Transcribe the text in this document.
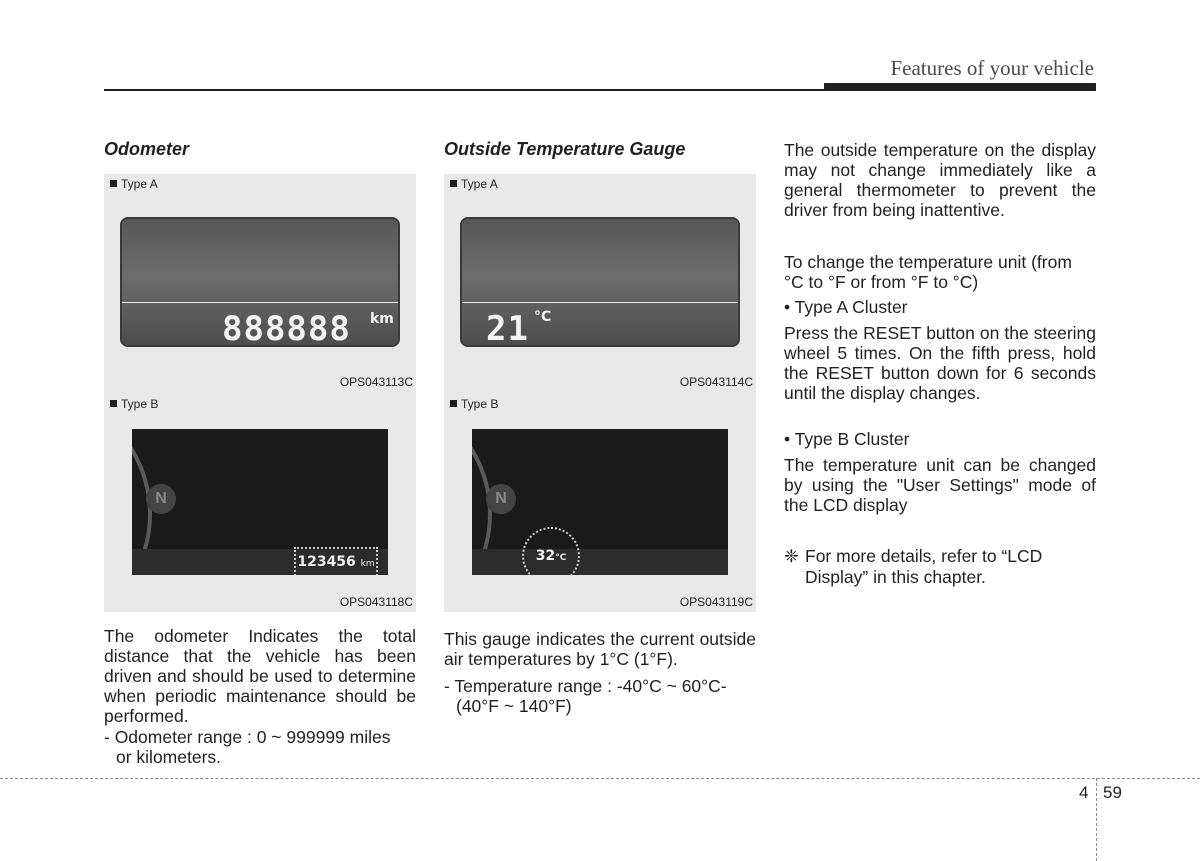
Features of your vehicle
Odometer
Type A
888888 km
OPS043113C
Type B
N
123456 km
OPS043118C

The odometer Indicates the total distance that the vehicle has been driven and should be used to determine when periodic maintenance should be performed.

- Odometer range : 0 ~ 999999 miles

or kilometers.

Outside Temperature Gauge
Type A
21 °C
OPS043114C
Type B
N
32°C
OPS043119C

This gauge indicates the current outside air temperatures by 1°C (1°F).

- Temperature range : -40°C ~ 60°C-

(40°F ~ 140°F)

The outside temperature on the display may not change immediately like a general thermometer to prevent the driver from being inattentive.

To change the temperature unit (from °C to °F or from °F to °C)

• Type A Cluster

Press the RESET button on the steering wheel 5 times. On the fifth press, hold the RESET button down for 6 seconds until the display changes.

• Type B Cluster

The temperature unit can be changed by using the "User Settings" mode of the LCD display

❈ For more details, refer to “LCD

Display” in this chapter.

4 59
